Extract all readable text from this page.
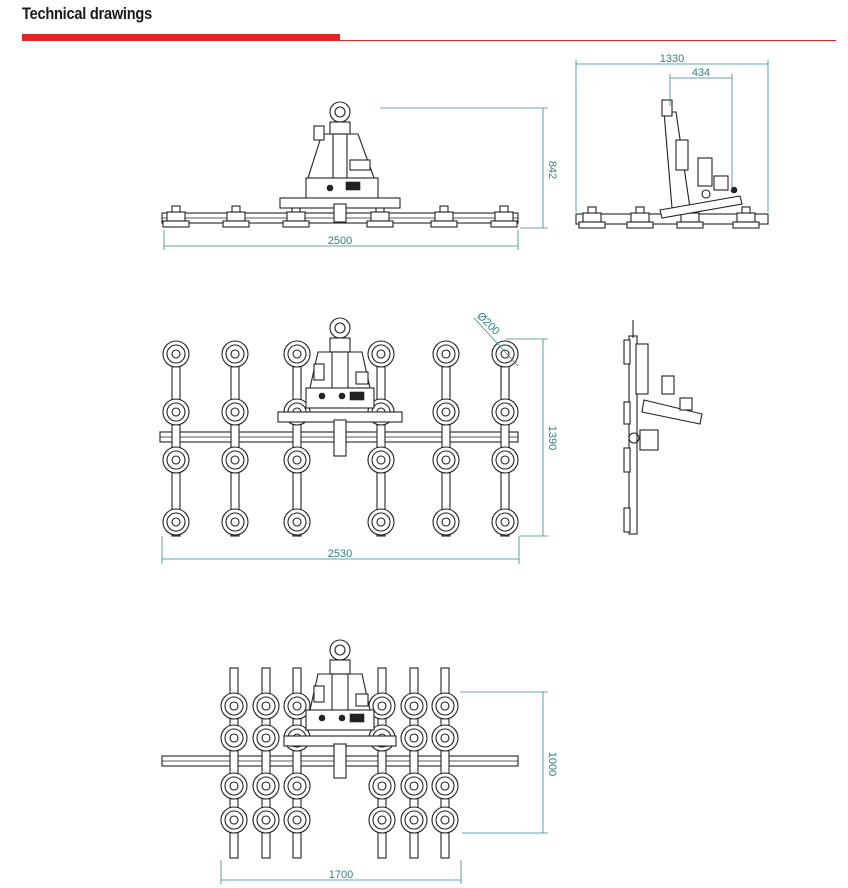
Technical drawings
2500
842
1330
434
Ø200
2530
1390
1700
1000
